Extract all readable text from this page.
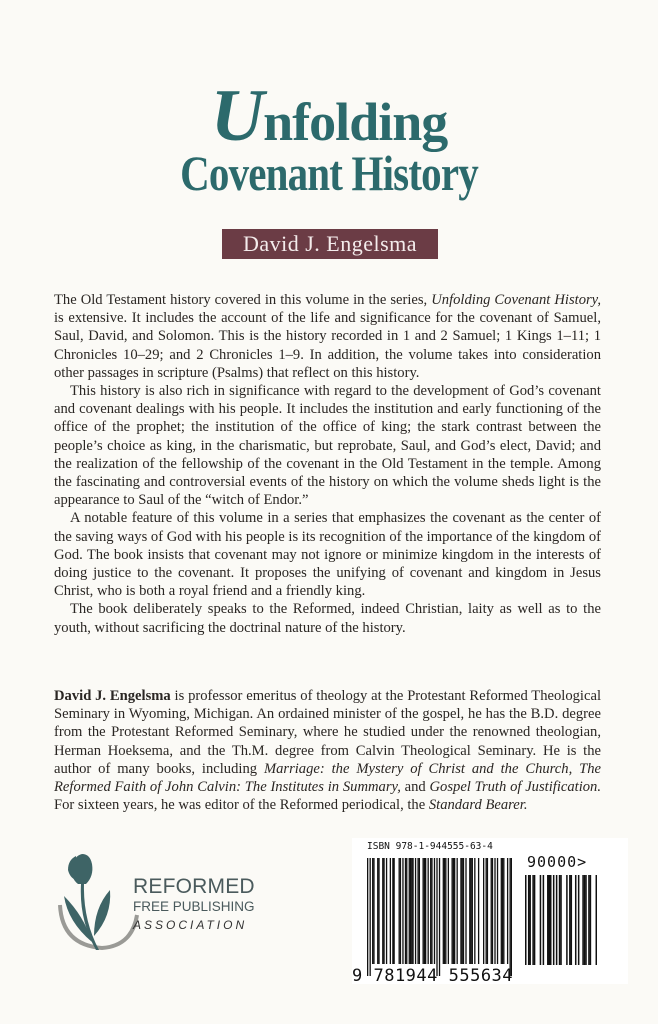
Unfolding
Covenant History
David J. Engelsma

The Old Testament history covered in this volume in the series, Unfolding Covenant History, is extensive. It includes the account of the life and significance for the covenant of Samuel, Saul, David, and Solomon. This is the history recorded in 1 and 2 Samuel; 1 Kings 1–11; 1 Chronicles 10–29; and 2 Chronicles 1–9. In addition, the volume takes into consideration other passages in scripture (Psalms) that reflect on this history.

This history is also rich in significance with regard to the development of God’s covenant and covenant dealings with his people. It includes the institution and early functioning of the office of the prophet; the institution of the office of king; the stark contrast between the people’s choice as king, in the charismatic, but reprobate, Saul, and God’s elect, David; and the realization of the fellowship of the covenant in the Old Testament in the temple. Among the fascinating and controversial events of the history on which the volume sheds light is the appearance to Saul of the “witch of Endor.”

A notable feature of this volume in a series that emphasizes the covenant as the center of the saving ways of God with his people is its recognition of the importance of the kingdom of God. The book insists that covenant may not ignore or minimize kingdom in the interests of doing justice to the covenant. It proposes the unifying of covenant and kingdom in Jesus Christ, who is both a royal friend and a friendly king.

The book deliberately speaks to the Reformed, indeed Christian, laity as well as to the youth, without sacrificing the doctrinal nature of the history.

David J. Engelsma is professor emeritus of theology at the Protestant Reformed Theological Seminary in Wyoming, Michigan. An ordained minister of the gospel, he has the B.D. degree from the Protestant Reformed Seminary, where he studied under the renowned theologian, Herman Hoeksema, and the Th.M. degree from Calvin Theological Seminary. He is the author of many books, including Marriage: the Mystery of Christ and the Church, The Reformed Faith of John Calvin: The Institutes in Summary, and Gospel Truth of Justification. For sixteen years, he was editor of the Reformed periodical, the Standard Bearer.

REFORMED
FREE PUBLISHING
ASSOCIATION
ISBN 978-1-944555-63-4
90000>
9 781944 555634
